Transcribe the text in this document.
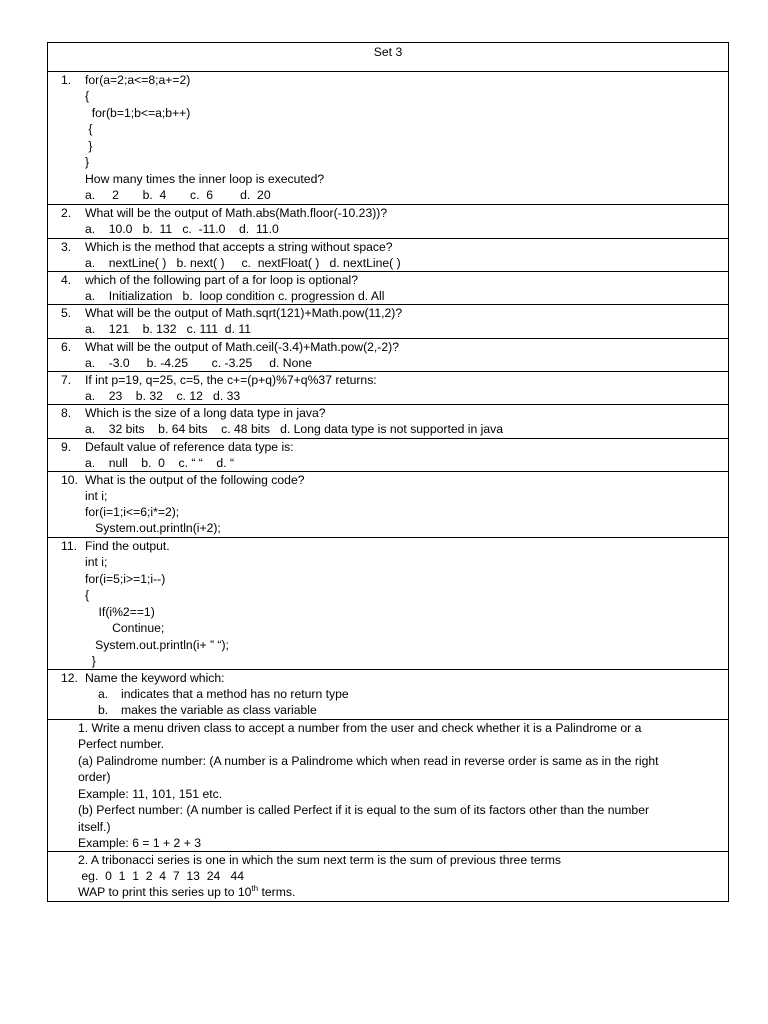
Set 3
1. for(a=2;a<=8;a+=2)
{
for(b=1;b<=a;b++)
{
}
}
How many times the inner loop is executed?
a.     2       b.  4       c.  6        d.  20
2. What will be the output of Math.abs(Math.floor(-10.23))?
a.    10.0   b.  11   c.  -11.0    d.  11.0
3. Which is the method that accepts a string without space?
a.    nextLine( )   b. next( )     c.  nextFloat( )   d. nextLine( )
4. which of the following part of a for loop is optional?
a.    Initialization   b.  loop condition c. progression d. All
5. What will be the output of Math.sqrt(121)+Math.pow(11,2)?
a.    121    b. 132   c. 111  d. 11
6. What will be the output of Math.ceil(-3.4)+Math.pow(2,-2)?
a.    -3.0     b. -4.25       c. -3.25     d. None
7. If int p=19, q=25, c=5, the c+=(p+q)%7+q%37 returns:
a.    23    b. 32    c. 12   d. 33
8. Which is the size of a long data type in java?
a.    32 bits    b. 64 bits    c. 48 bits   d. Long data type is not supported in java
9. Default value of reference data type is:
a.    null    b.  0    c. “ “    d. “
10. What is the output of the following code?
int i;
for(i=1;i<=6;i*=2);
System.out.println(i+2);
11. Find the output.
int i;
for(i=5;i>=1;i--)
{
If(i%2==1)
Continue;
System.out.println(i+ ” “);
}
12. Name the keyword which:
a. indicates that a method has no return type
b. makes the variable as class variable
1. Write a menu driven class to accept a number from the user and check whether it is a Palindrome or a
Perfect number.
(a) Palindrome number: (A number is a Palindrome which when read in reverse order is same as in the right
order)
Example: 11, 101, 151 etc.
(b) Perfect number: (A number is called Perfect if it is equal to the sum of its factors other than the number
itself.)
Example: 6 = 1 + 2 + 3
2. A tribonacci series is one in which the sum next term is the sum of previous three terms
eg.  0  1  1  2  4  7  13  24   44
WAP to print this series up to 10th terms.
